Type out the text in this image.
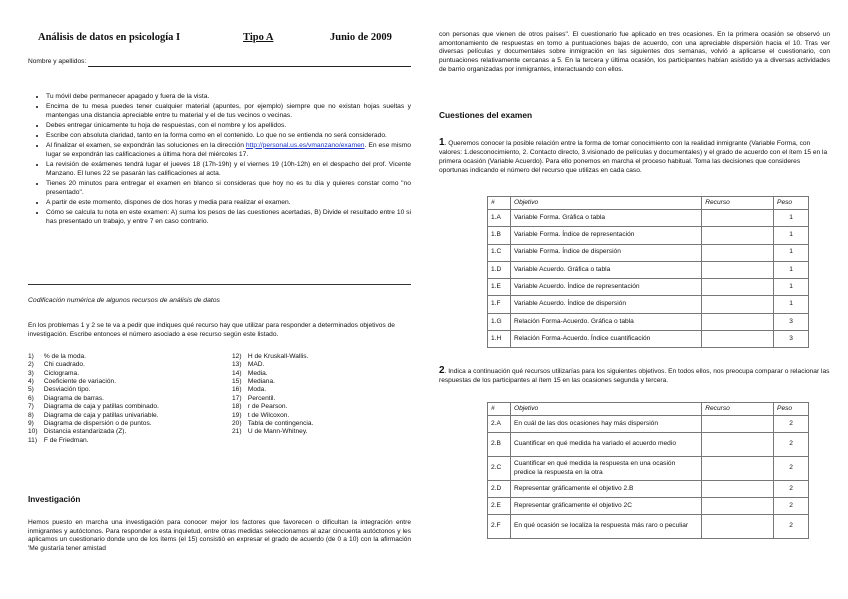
Análisis de datos en psicología I	Tipo A	Junio de 2009
Nombre y apellidos:
• Tu móvil debe permanecer apagado y fuera de la vista.
• Encima de tu mesa puedes tener cualquier material (apuntes, por ejemplo) siempre que no existan hojas sueltas y mantengas una distancia apreciable entre tu material y el de tus vecinos o vecinas.
• Debes entregar únicamente tu hoja de respuestas, con el nombre y los apellidos.
• Escribe con absoluta claridad, tanto en la forma como en el contenido. Lo que no se entienda no será considerado.
• Al finalizar el examen, se expondrán las soluciones en la dirección http://personal.us.es/vmanzano/examen. En ese mismo lugar se expondrán las calificaciones a última hora del miércoles 17.
• La revisión de exámenes tendrá lugar el jueves 18 (17h-19h) y el viernes 19 (10h-12h) en el despacho del prof. Vicente Manzano. El lunes 22 se pasarán las calificaciones al acta.
• Tienes 20 minutos para entregar el examen en blanco si consideras que hoy no es tu día y quieres constar como "no presentado".
• A partir de este momento, dispones de dos horas y media para realizar el examen.
• Cómo se calcula tu nota en este examen: A) suma los pesos de las cuestiones acertadas, B) Divide el resultado entre 10 si has presentado un trabajo, y entre 7 en caso contrario.
Codificación numérica de algunos recursos de análisis de datos
En los problemas 1 y 2 se te va a pedir que indiques qué recurso hay que utilizar para responder a determinados objetivos de investigación. Escribe entonces el número asociado a ese recurso según este listado.
1) % de la moda.
2) Chi cuadrado.
3) Ciclograma.
4) Coeficiente de variación.
5) Desviación tipo.
6) Diagrama de barras.
7) Diagrama de caja y patillas combinado.
8) Diagrama de caja y patillas univariable.
9) Diagrama de dispersión o de puntos.
10) Distancia estandarizada (Z).
11) F de Friedman.
12) H de Kruskall-Wallis.
13) MAD.
14) Media.
15) Mediana.
16) Moda.
17) Percentil.
18) r de Pearson.
19) t de Wilcoxon.
20) Tabla de contingencia.
21) U de Mann-Whitney.
Investigación
Hemos puesto en marcha una investigación para conocer mejor los factores que favorecen o dificultan la integración entre inmigrantes y autóctonos. Para responder a esta inquietud, entre otras medidas seleccionamos al azar cincuenta autóctonos y les aplicamos un cuestionario donde uno de los ítems (el 15) consistió en expresar el grado de acuerdo (de 0 a 10) con la afirmación 'Me gustaría tener amistad
con personas que vienen de otros países". El cuestionario fue aplicado en tres ocasiones. En la primera ocasión se observó un amontonamiento de respuestas en torno a puntuaciones bajas de acuerdo, con una apreciable dispersión hacia el 10. Tras ver diversas películas y documentales sobre inmigración en las siguientes dos semanas, volvió a aplicarse el cuestionario, con puntuaciones relativamente cercanas a 5. En la tercera y última ocasión, los participantes habían asistido ya a diversas actividades de barrio organizadas por inmigrantes, interactuando con ellos.
Cuestiones del examen
1. Queremos conocer la posible relación entre la forma de tomar conocimiento con la realidad inmigrante (Variable Forma, con valores: 1.desconocimiento, 2. Contacto directo, 3.visionado de películas y documentales) y el grado de acuerdo con el ítem 15 en la primera ocasión (Variable Acuerdo). Para ello ponemos en marcha el proceso habitual. Toma las decisiones que consideres oportunas indicando el número del recurso que utilizas en cada caso.
#	Objetivo	Recurso	Peso
1.A	Variable Forma. Gráfica o tabla		1
1.B	Variable Forma. Índice de representación		1
1.C	Variable Forma. Índice de dispersión		1
1.D	Variable Acuerdo. Gráfica o tabla		1
1.E	Variable Acuerdo. Índice de representación		1
1.F	Variable Acuerdo. Índice de dispersión		1
1.G	Relación Forma-Acuerdo. Gráfica o tabla		3
1.H	Relación Forma-Acuerdo. Índice cuantificación		3
2. Indica a continuación qué recursos utilizarías para los siguientes objetivos. En todos ellos, nos preocupa comparar o relacionar las respuestas de los participantes al ítem 15 en las ocasiones segunda y tercera.
#	Objetivo	Recurso	Peso
2.A	En cuál de las dos ocasiones hay más dispersión		2
2.B	Cuantificar en qué medida ha variado el acuerdo medio		2
2.C	Cuantificar en qué medida la respuesta en una ocasión predice la respuesta en la otra		2
2.D	Representar gráficamente el objetivo 2.B		2
2.E	Representar gráficamente el objetivo 2C		2
2.F	En qué ocasión se localiza la respuesta más raro o peculiar		2
